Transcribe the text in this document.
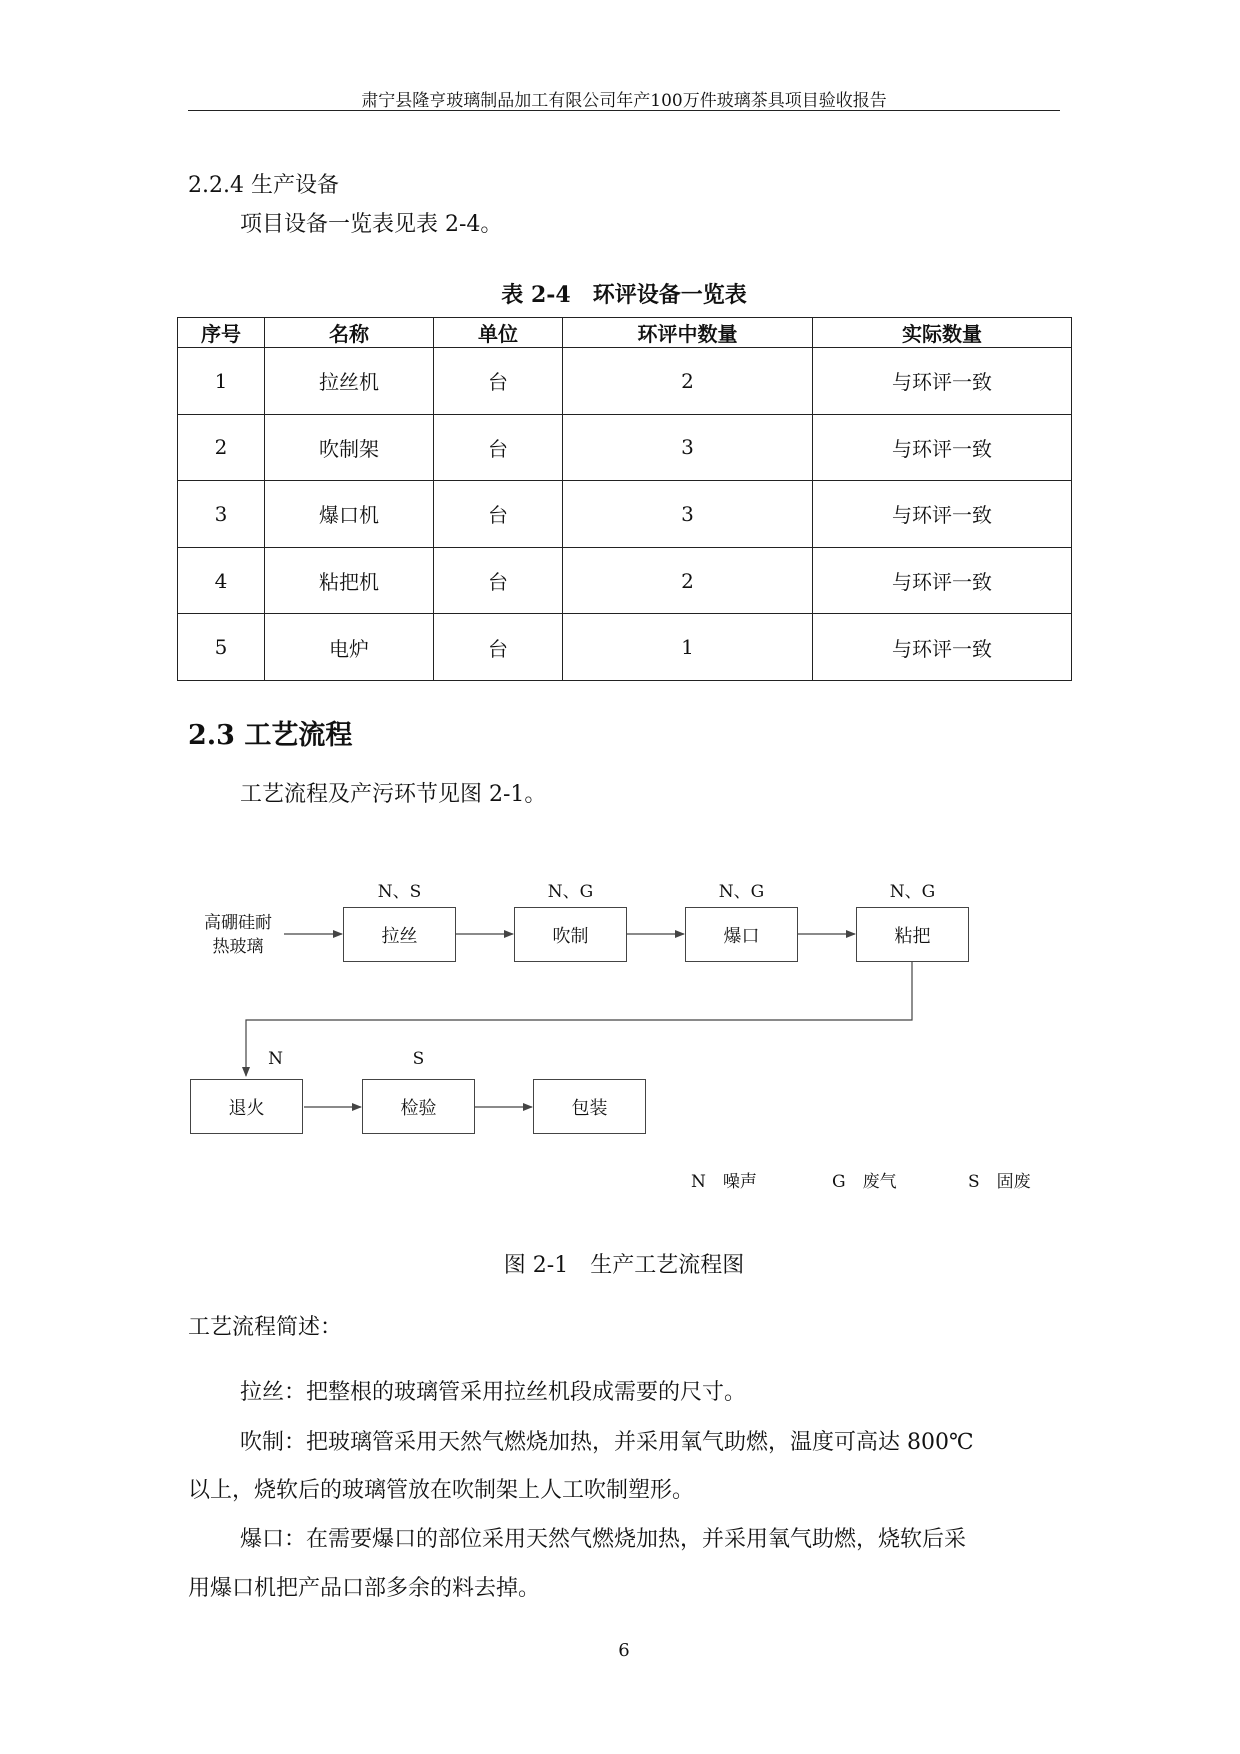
肃宁县隆亨玻璃制品加工有限公司年产100万件玻璃茶具项目验收报告
2.2.4 生产设备
项目设备一览表见表 2-4。
表 2-4　环评设备一览表
序号	名称	单位	环评中数量	实际数量
1	拉丝机	台	2	与环评一致
2	吹制架	台	3	与环评一致
3	爆口机	台	3	与环评一致
4	粘把机	台	2	与环评一致
5	电炉	台	1	与环评一致
2.3 工艺流程
工艺流程及产污环节见图 2-1。
高硼硅耐
热玻璃
N、S
拉丝
N、G
吹制
N、G
爆口
N、G
粘把
N
退火
S
检验	包装
N　噪声	G　废气	S　固废
图 2-1　生产工艺流程图
工艺流程简述：
拉丝：把整根的玻璃管采用拉丝机段成需要的尺寸。
吹制：把玻璃管采用天然气燃烧加热，并采用氧气助燃，温度可高达 800℃
以上，烧软后的玻璃管放在吹制架上人工吹制塑形。
爆口：在需要爆口的部位采用天然气燃烧加热，并采用氧气助燃，烧软后采
用爆口机把产品口部多余的料去掉。
6
